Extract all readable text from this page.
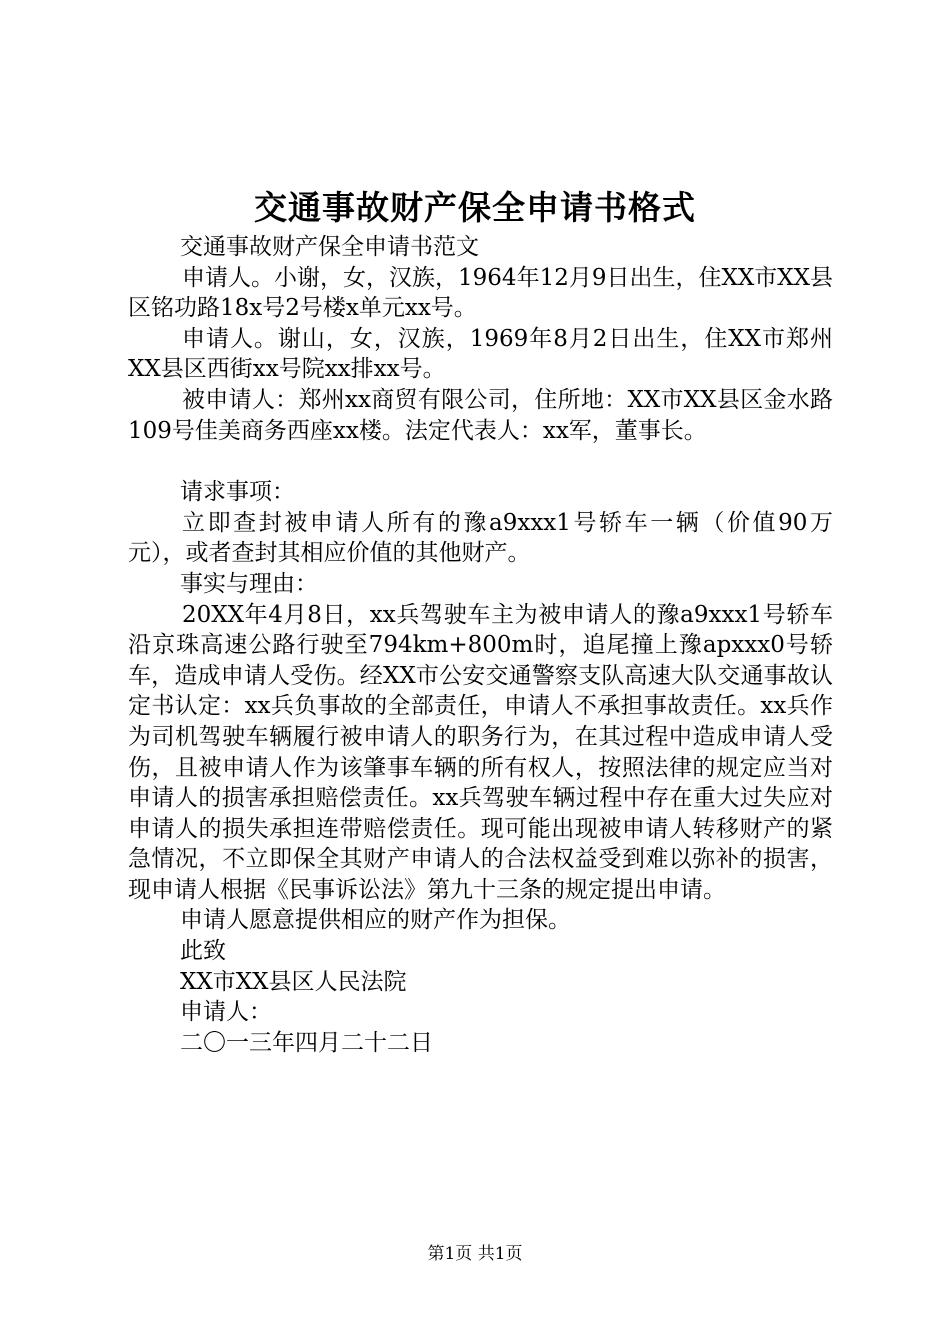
交通事故财产保全申请书格式

交通事故财产保全申请书范文

申请人。小谢，女，汉族，1964年12月9日出生，住XX市XX县区铭功路18x号2号楼x单元xx号。

申请人。谢山，女，汉族，1969年8月2日出生，住XX市郑州XX县区西街xx号院xx排xx号。

被申请人：郑州xx商贸有限公司，住所地：XX市XX县区金水路109号佳美商务西座xx楼。法定代表人：xx军，董事长。

请求事项：

立即查封被申请人所有的豫a9xxx1号轿车一辆（价值90万元），或者查封其相应价值的其他财产。

事实与理由：

20XX年4月8日，xx兵驾驶车主为被申请人的豫a9xxx1号轿车沿京珠高速公路行驶至794km+800m时，追尾撞上豫apxxx0号轿车，造成申请人受伤。经XX市公安交通警察支队高速大队交通事故认定书认定：xx兵负事故的全部责任，申请人不承担事故责任。xx兵作为司机驾驶车辆履行被申请人的职务行为，在其过程中造成申请人受伤，且被申请人作为该肇事车辆的所有权人，按照法律的规定应当对申请人的损害承担赔偿责任。xx兵驾驶车辆过程中存在重大过失应对申请人的损失承担连带赔偿责任。现可能出现被申请人转移财产的紧急情况，不立即保全其财产申请人的合法权益受到难以弥补的损害，现申请人根据《民事诉讼法》第九十三条的规定提出申请。

申请人愿意提供相应的财产作为担保。

此致

XX市XX县区人民法院

申请人：

二〇一三年四月二十二日

第1页 共1页
